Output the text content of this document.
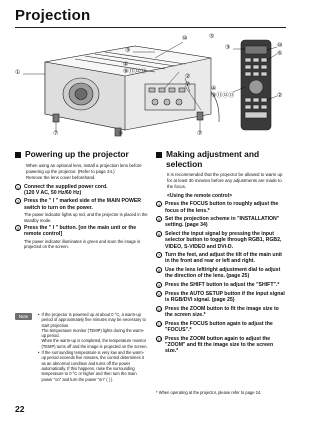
Projection
①
③
⑩
④
⑨⑪⑫⑬
②
⑦
⑦	⑧	⑦
⑤
③	⑩
⑥
②
④
⑨⑪⑫⑬
Powering up the projector
When using an optional lens, install a projection lens before powering up the projector. (Refer to page 24.)
Remove the lens cover beforehand.
1 Connect the supplied power cord.
(120 V AC, 50 Hz/60 Hz)
2 Press the " I " marked side of the MAIN POWER switch to turn on the power.
The power indicator lights up red, and the projector is placed in the standby mode.
3 Press the " I " button. [on the main unit or the remote control]
The power indicator illuminates in green and soon the image is projected on the screen.
Note
•	If the projector is powered up at about 0 °C, a warm-up period of approximately five minutes may be necessary to start projection.
The temperature monitor (TEMP) lights during the warm-up period.
When the warm-up is completed, the temperature monitor (TEMP) turns off and the image is projected on the screen.
• If the surrounding temperature is very low and the warm-up period exceeds five minutes, the control determines it as an abnormal condition and turns off the power automatically. If this happens, raise the surrounding temperature to 0 °C or higher and then turn the main power "on" and turn the power "on" ( | ).
Making adjustment and selection
It is recommended that the projector be allowed to warm up for at least 30 minutes before any adjustments are made to the focus.
<Using the remote control>
4 Press the FOCUS button to roughly adjust the focus of the lens.*
5 Set the projection scheme in "INSTALLATION" setting. (page 34)
6 Select the input signal by pressing the input selector button to toggle through RGB1, RGB2, VIDEO, S-VIDEO and DVI-D.
7 Turn the feet, and adjust the tilt of the main unit in the front and rear or left and right.
8 Use the lens left/right adjustment dial to adjust the direction of the lens. (page 25)
9 Press the SHIFT button to adjust the "SHIFT".*
10 Press the AUTO SETUP button if the input signal is RGB/DVI signal. (page 25)
11 Press the ZOOM button to fit the image size to the screen size.*
12 Press the FOCUS button again to adjust the "FOCUS".*
13 Press the ZOOM button again to adjust the "ZOOM" and fit the image size to the screen size.*
* When operating at the projector, please refer to page 24.
22
